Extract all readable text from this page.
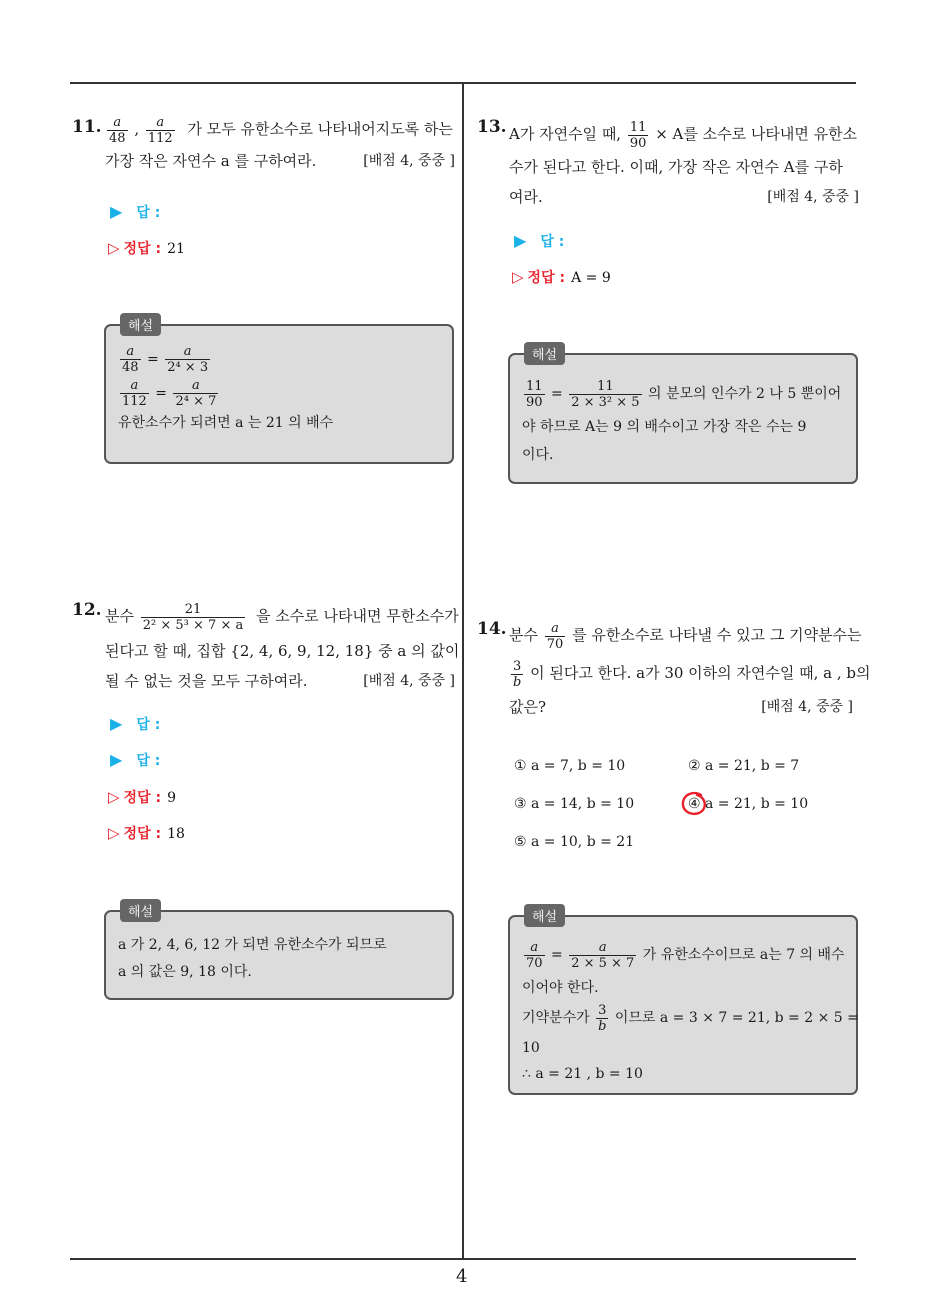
4
11. $\frac{a}{48}$ , $\frac{a}{112}$ 가 모두 유한소수로 나타내어지도록 하는
가장 작은 자연수 a 를 구하여라.	[배점 4, 중중 ]
▶ 답 :
▷ 정답 : 21
해설
$\frac{a}{48} = \frac{a}{\text{2⁴ × 3}}$
$\frac{a}{112} = \frac{a}{\text{2⁴ × 7}}$
유한소수가 되려면 a 는 21 의 배수
12. 분수 $\frac{21}{\text{2² × 5³ × 7 × a}}$ 을 소수로 나타내면 무한소수가
된다고 할 때, 집합 {2, 4, 6, 9, 12, 18} 중 a 의 값이
될 수 없는 것을 모두 구하여라.	[배점 4, 중중 ]
▶ 답 :
▶ 답 :
▷ 정답 : 9
▷ 정답 : 18
해설
a 가 2, 4, 6, 12 가 되면 유한소수가 되므로
a 의 값은 9, 18 이다.
13. A가 자연수일 때, $\frac{11}{90} \times A$를 소수로 나타내면 유한소
수가 된다고 한다. 이때, 가장 작은 자연수 A를 구하
여라.	[배점 4, 중중 ]
▶ 답 :
▷ 정답 : A = 9
해설
$\frac{11}{90} = \frac{11}{\text{2 × 3² × 5}}$ 의 분모의 인수가 2 나 5 뿐이어
야 하므로 A는 9 의 배수이고 가장 작은 수는 9
이다.
14. 분수 $\frac{a}{70}$ 를 유한소수로 나타낼 수 있고 그 기약분수는
$\frac{3}{b}$ 이 된다고 한다. a가 30 이하의 자연수일 때, a , b의
값은?	[배점 4, 중중 ]
① a = 7, b = 10	② a = 21, b = 7
③ a = 14, b = 10	④ a = 21, b = 10
⑤ a = 10, b = 21
해설
$\frac{a}{70} = \frac{a}{2 \times 5 \times 7}$ 가 유한소수이므로 a는 7 의 배수
이어야 한다.
기약분수가 $\frac{3}{b}$ 이므로 a = 3 × 7 = 21, b = 2 × 5 =
10
∴ a = 21 , b = 10
